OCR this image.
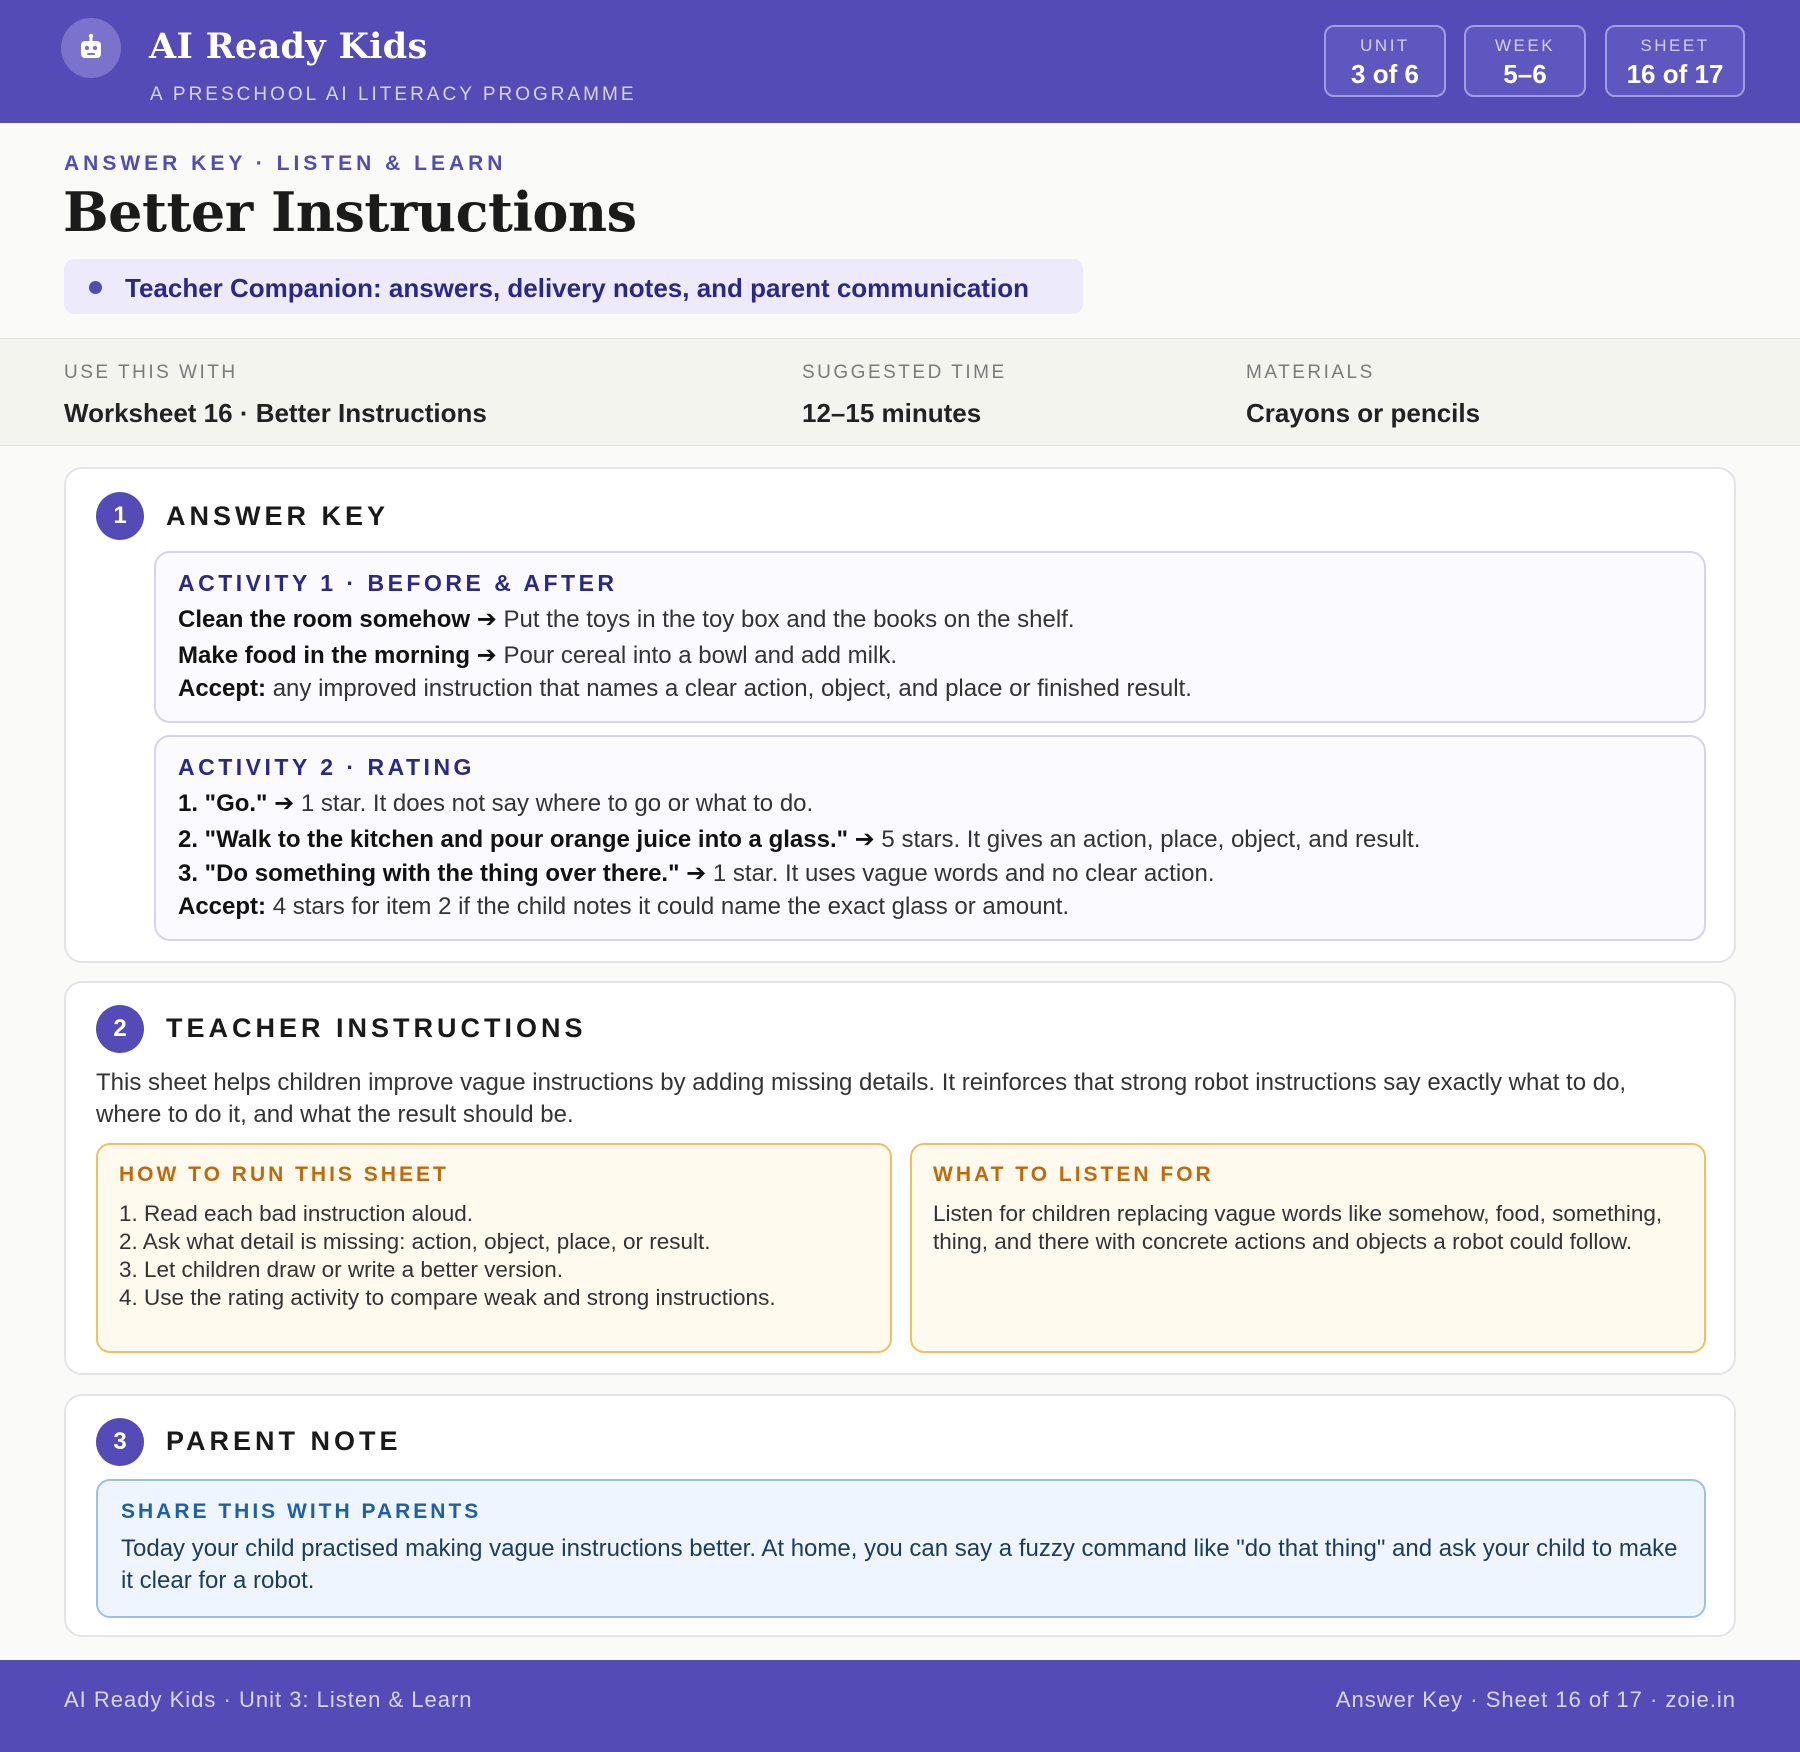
AI Ready Kids
A PRESCHOOL AI LITERACY PROGRAMME
UNIT
3 of 6
WEEK
5–6
SHEET
16 of 17
ANSWER KEY · LISTEN & LEARN
Better Instructions
Teacher Companion: answers, delivery notes, and parent communication
USE THIS WITH
Worksheet 16 · Better Instructions
SUGGESTED TIME
12–15 minutes
MATERIALS
Crayons or pencils
1	ANSWER KEY
ACTIVITY 1 · BEFORE & AFTER
Clean the room somehow ➔ Put the toys in the toy box and the books on the shelf.
Make food in the morning ➔ Pour cereal into a bowl and add milk.
Accept: any improved instruction that names a clear action, object, and place or finished result.
ACTIVITY 2 · RATING
1. "Go." ➔ 1 star. It does not say where to go or what to do.
2. "Walk to the kitchen and pour orange juice into a glass." ➔ 5 stars. It gives an action, place, object, and result.
3. "Do something with the thing over there." ➔ 1 star. It uses vague words and no clear action.
Accept: 4 stars for item 2 if the child notes it could name the exact glass or amount.
2	TEACHER INSTRUCTIONS
This sheet helps children improve vague instructions by adding missing details. It reinforces that strong robot instructions say exactly what to do, where to do it, and what the result should be.
HOW TO RUN THIS SHEET
1. Read each bad instruction aloud.
2. Ask what detail is missing: action, object, place, or result.
3. Let children draw or write a better version.
4. Use the rating activity to compare weak and strong instructions.
WHAT TO LISTEN FOR
Listen for children replacing vague words like somehow, food, something, thing, and there with concrete actions and objects a robot could follow.
3	PARENT NOTE
SHARE THIS WITH PARENTS
Today your child practised making vague instructions better. At home, you can say a fuzzy command like "do that thing" and ask your child to make it clear for a robot.
AI Ready Kids · Unit 3: Listen & Learn	Answer Key · Sheet 16 of 17 · zoie.in
